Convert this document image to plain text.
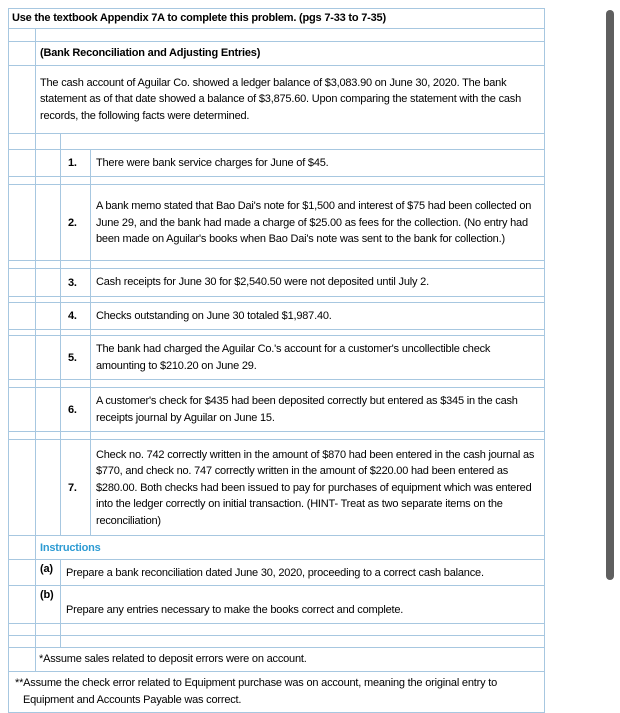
Use the textbook Appendix 7A to complete this problem. (pgs 7-33 to 7-35)
(Bank Reconciliation and Adjusting Entries)
The cash account of Aguilar Co. showed a ledger balance of $3,083.90 on June 30, 2020. The bank statement as of that date showed a balance of $3,875.60. Upon comparing the statement with the cash records, the following facts were determined.
1.	There were bank service charges for June of $45.
2.
A bank memo stated that Bao Dai's note for $1,500 and interest of $75 had been collected on June 29, and the bank had made a charge of $25.00 as fees for the collection. (No entry had been made on Aguilar's books when Bao Dai's note was sent to the bank for collection.)
3.	Cash receipts for June 30 for $2,540.50 were not deposited until July 2.
4.	Checks outstanding on June 30 totaled $1,987.40.
5.
The bank had charged the Aguilar Co.'s account for a customer's uncollectible check amounting to $210.20 on June 29.
6.
A customer's check for $435 had been deposited correctly but entered as $345 in the cash receipts journal by Aguilar on June 15.
7.
Check no. 742 correctly written in the amount of $870 had been entered in the cash journal as $770, and check no. 747 correctly written in the amount of $220.00 had been entered as $280.00. Both checks had been issued to pay for purchases of equipment which was entered into the ledger correctly on initial transaction. (HINT- Treat as two separate items on the reconciliation)
Instructions
(a)	Prepare a bank reconciliation dated June 30, 2020, proceeding to a correct cash balance.
(b)
Prepare any entries necessary to make the books correct and complete.
*Assume sales related to deposit errors were on account.
**Assume the check error related to Equipment purchase was on account, meaning the original entry to Equipment and Accounts Payable was correct.
